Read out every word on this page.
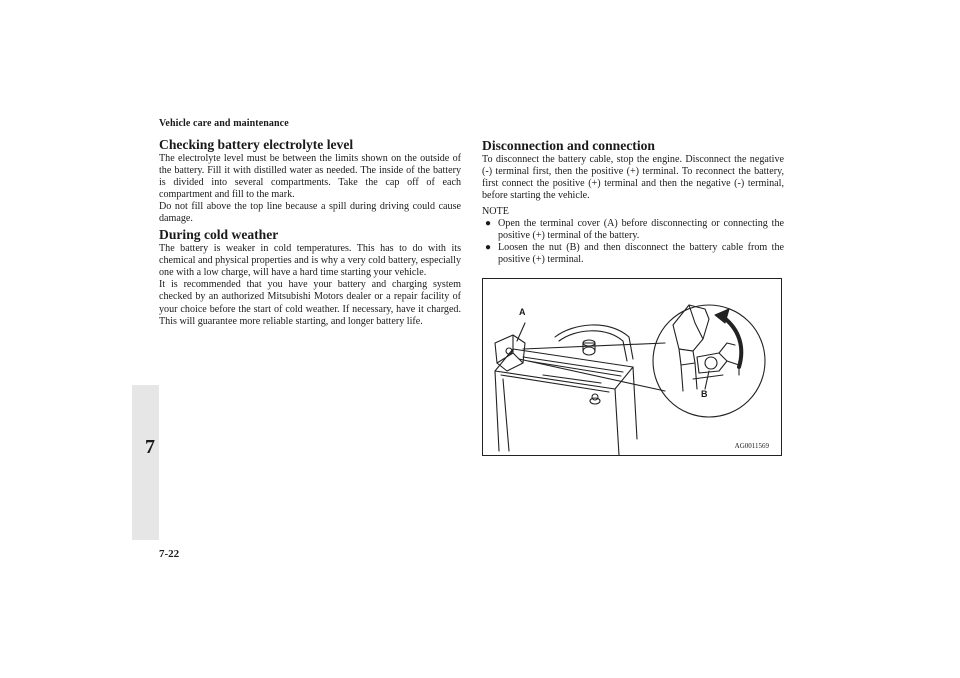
Vehicle care and maintenance
7
Checking battery electrolyte level

The electrolyte level must be between the limits shown on the outside of the battery. Fill it with distilled water as needed. The inside of the battery is divided into several compartments. Take the cap off of each compartment and fill to the mark.

Do not fill above the top line because a spill during driving could cause damage.

During cold weather

The battery is weaker in cold temperatures. This has to do with its chemical and physical properties and is why a very cold battery, especially one with a low charge, will have a hard time starting your vehicle.

It is recommended that you have your battery and charging system checked by an authorized Mitsubishi Motors dealer or a repair facility of your choice before the start of cold weather. If necessary, have it charged. This will guarantee more reliable starting, and longer battery life.

Disconnection and connection

To disconnect the battery cable, stop the engine. Disconnect the negative (-) terminal first, then the positive (+) terminal. To reconnect the battery, first connect the positive (+) terminal and then the negative (-) terminal, before starting the vehicle.

NOTE
● Open the terminal cover (A) before disconnecting or connecting the positive (+) terminal of the battery.
● Loosen the nut (B) and then disconnect the battery cable from the positive (+) terminal.
A
B
AG0011569
7-22
